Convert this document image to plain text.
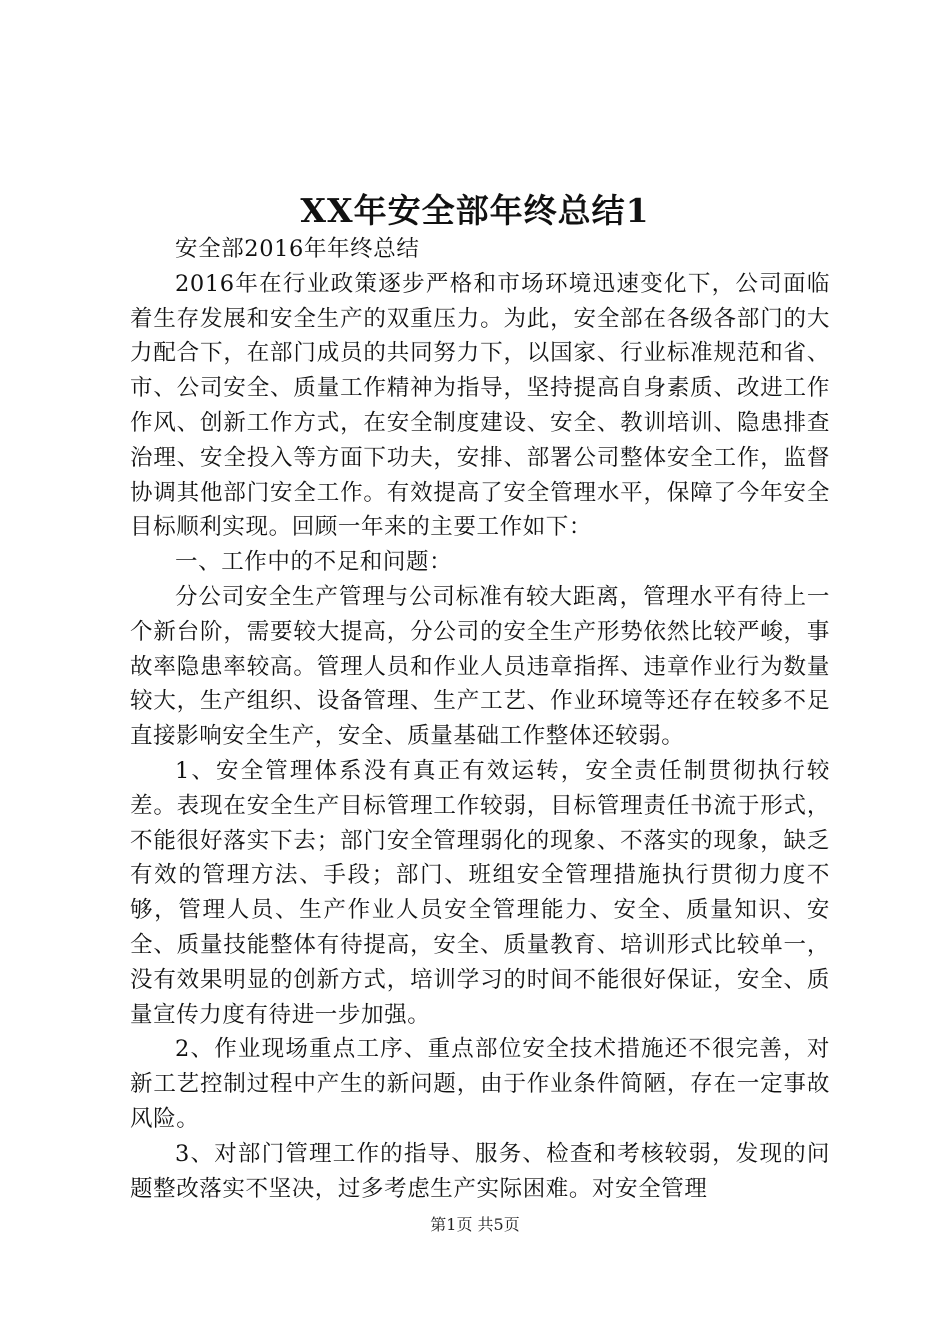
XX年安全部年终总结1

安全部2016年年终总结

2016年在行业政策逐步严格和市场环境迅速变化下，公司面临着生存发展和安全生产的双重压力。为此，安全部在各级各部门的大力配合下，在部门成员的共同努力下，以国家、行业标准规范和省、市、公司安全、质量工作精神为指导，坚持提高自身素质、改进工作作风、创新工作方式，在安全制度建设、安全、教训培训、隐患排查治理、安全投入等方面下功夫，安排、部署公司整体安全工作，监督协调其他部门安全工作。有效提高了安全管理水平，保障了今年安全目标顺利实现。回顾一年来的主要工作如下：

一、工作中的不足和问题：

分公司安全生产管理与公司标准有较大距离，管理水平有待上一个新台阶，需要较大提高，分公司的安全生产形势依然比较严峻，事故率隐患率较高。管理人员和作业人员违章指挥、违章作业行为数量较大，生产组织、设备管理、生产工艺、作业环境等还存在较多不足直接影响安全生产，安全、质量基础工作整体还较弱。

1、安全管理体系没有真正有效运转，安全责任制贯彻执行较差。表现在安全生产目标管理工作较弱，目标管理责任书流于形式，不能很好落实下去；部门安全管理弱化的现象、不落实的现象，缺乏有效的管理方法、手段；部门、班组安全管理措施执行贯彻力度不够，管理人员、生产作业人员安全管理能力、安全、质量知识、安全、质量技能整体有待提高，安全、质量教育、培训形式比较单一，没有效果明显的创新方式，培训学习的时间不能很好保证，安全、质量宣传力度有待进一步加强。

2、作业现场重点工序、重点部位安全技术措施还不很完善，对新工艺控制过程中产生的新问题，由于作业条件简陋，存在一定事故风险。

3、对部门管理工作的指导、服务、检查和考核较弱，发现的问题整改落实不坚决，过多考虑生产实际困难。对安全管理

第1页 共5页
